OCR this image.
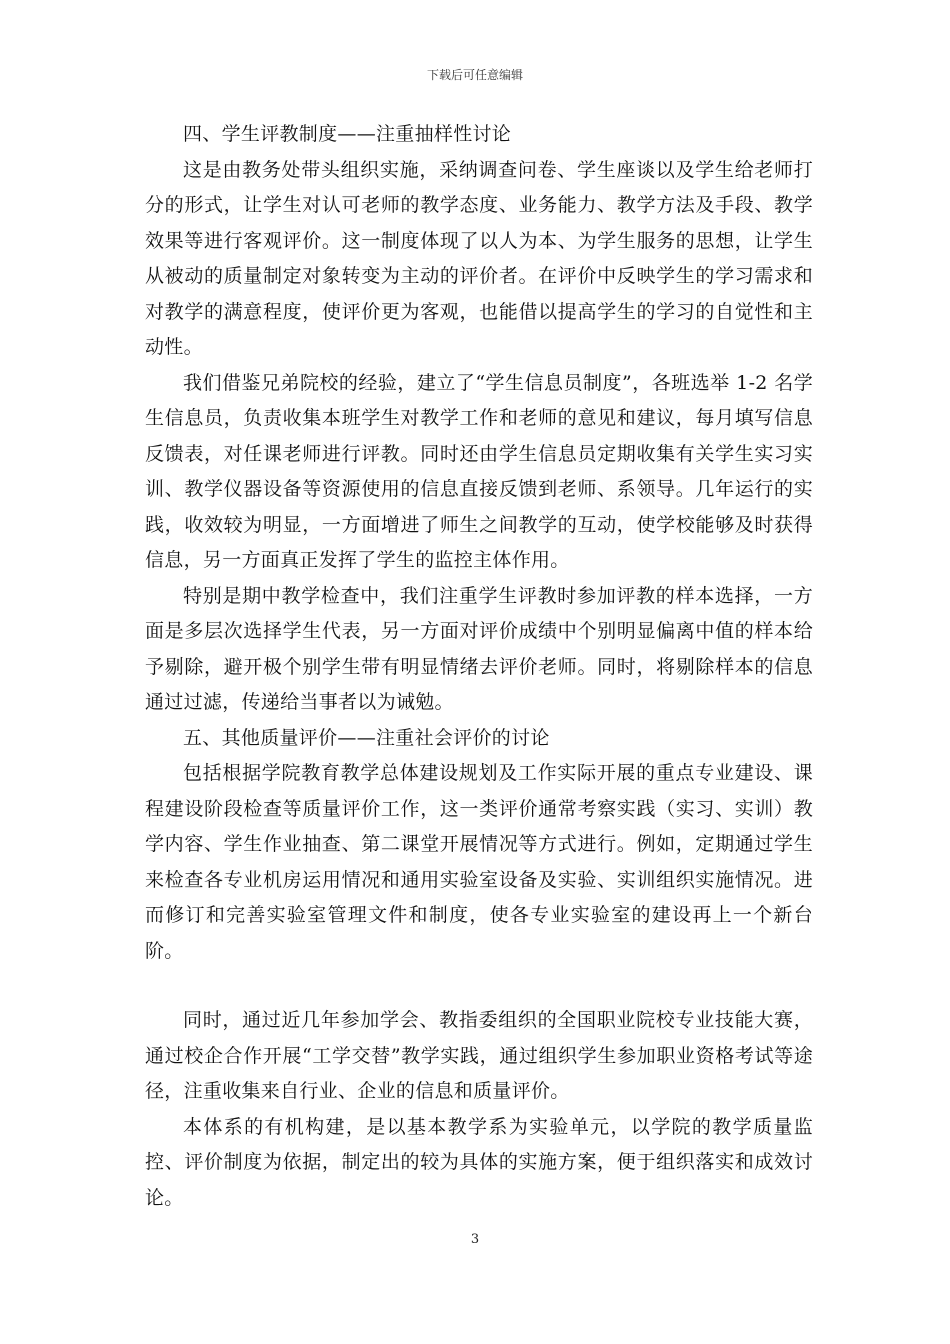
下载后可任意编辑

四、学生评教制度——注重抽样性讨论

这是由教务处带头组织实施，采纳调查问卷、学生座谈以及学生给老师打分的形式，让学生对认可老师的教学态度、业务能力、教学方法及手段、教学效果等进行客观评价。这一制度体现了以人为本、为学生服务的思想，让学生从被动的质量制定对象转变为主动的评价者。在评价中反映学生的学习需求和对教学的满意程度，使评价更为客观，也能借以提高学生的学习的自觉性和主动性。

我们借鉴兄弟院校的经验，建立了“学生信息员制度”，各班选举 1-2 名学生信息员，负责收集本班学生对教学工作和老师的意见和建议，每月填写信息反馈表，对任课老师进行评教。同时还由学生信息员定期收集有关学生实习实训、教学仪器设备等资源使用的信息直接反馈到老师、系领导。几年运行的实践，收效较为明显，一方面增进了师生之间教学的互动，使学校能够及时获得信息，另一方面真正发挥了学生的监控主体作用。

特别是期中教学检查中，我们注重学生评教时参加评教的样本选择，一方面是多层次选择学生代表，另一方面对评价成绩中个别明显偏离中值的样本给予剔除，避开极个别学生带有明显情绪去评价老师。同时，将剔除样本的信息通过过滤，传递给当事者以为诫勉。

五、其他质量评价——注重社会评价的讨论

包括根据学院教育教学总体建设规划及工作实际开展的重点专业建设、课程建设阶段检查等质量评价工作，这一类评价通常考察实践（实习、实训）教学内容、学生作业抽查、第二课堂开展情况等方式进行。例如，定期通过学生来检查各专业机房运用情况和通用实验室设备及实验、实训组织实施情况。进而修订和完善实验室管理文件和制度，使各专业实验室的建设再上一个新台阶。

同时，通过近几年参加学会、教指委组织的全国职业院校专业技能大赛，通过校企合作开展“工学交替”教学实践，通过组织学生参加职业资格考试等途径，注重收集来自行业、企业的信息和质量评价。

本体系的有机构建，是以基本教学系为实验单元，以学院的教学质量监控、评价制度为依据，制定出的较为具体的实施方案，便于组织落实和成效讨论。

3
